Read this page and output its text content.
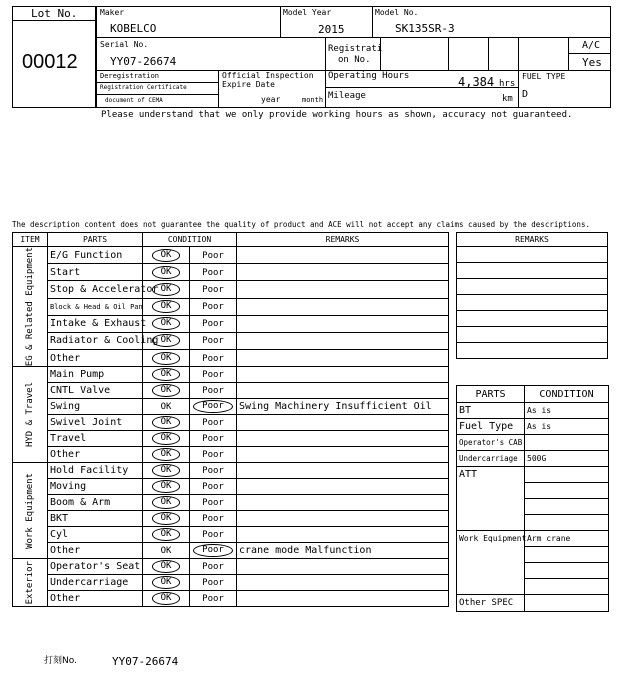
Lot No.
00012
Maker
KOBELCO
Model Year
2015
Model No.
SK135SR-3
Serial No.
YY07-26674
Registrati
on No.
A/C
Yes
Deregistration
Registration Certificate
document of CEMA
Official Inspection
Expire Date
year	month
Operating Hours	4,384 hrs
Mileage	km
FUEL TYPE
D
Please understand that we only provide working hours as shown, accuracy not guaranteed.
The description content does not guarantee the quality of product and ACE will not accept any claims caused by the descriptions.
ITEM	PARTS	CONDITION		REMARKS

EG & Related Equipment	E/G Function	OK	Poor	
	Start	OK	Poor	
	Stop & Accelerator	OK	Poor	
	Block & Head & Oil Pan	OK	Poor	
	Intake & Exhaust	OK	Poor	
	Radiator & Cooling	OK	Poor	
	Other	OK	Poor	

HYD & Travel	Main Pump	OK	Poor	
	CNTL Valve	OK	Poor	
	Swing	OK	Poor	Swing Machinery Insufficient Oil
	Swivel Joint	OK	Poor	
	Travel	OK	Poor	
	Other	OK	Poor	

Work Equipment	Hold Facility	OK	Poor	
	Moving	OK	Poor	
	Boom & Arm	OK	Poor	
	BKT	OK	Poor	
	Cyl	OK	Poor	
	Other	OK	Poor	crane mode Malfunction

Exterior	Operator's Seat	OK	Poor	
	Undercarriage	OK	Poor	
	Other	OK	Poor	
REMARKS

PARTS	CONDITION
BT	As is
Fuel Type	As is
Operator's CAB	
Undercarriage	500G
ATT	

Work Equipment	Arm crane

Other SPEC	
打刻No.	YY07-26674
